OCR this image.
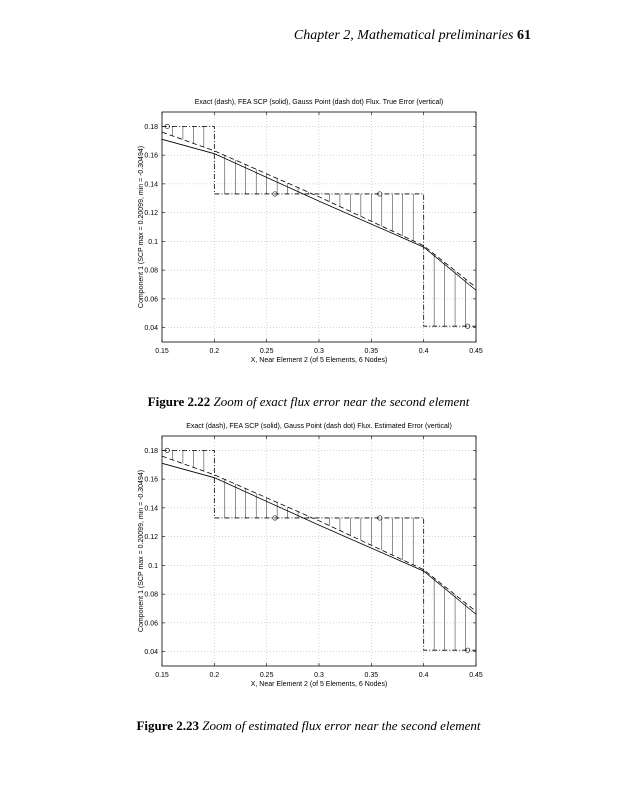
Chapter 2, Mathematical preliminaries 61
Exact (dash), FEA SCP (solid), Gauss Point (dash dot) Flux. True Error (vertical)
0.15	0.2	0.25	0.3	0.35	0.4	0.45
0.04
0.06
0.08
0.1
0.12
0.14
0.16
0.18
X, Near Element 2 (of 5 Elements, 6 Nodes)
Component 1 (SCP max = 0.20099, min = -0.30494)
Figure 2.22 Zoom of exact flux error near the second element
Exact (dash), FEA SCP (solid), Gauss Point (dash dot) Flux. Estimated Error (vertical)
0.15	0.2	0.25	0.3	0.35	0.4	0.45
0.04
0.06
0.08
0.1
0.12
0.14
0.16
0.18
X, Near Element 2 (of 5 Elements, 6 Nodes)
Component 1 (SCP max = 0.20099, min = -0.30494)
Figure 2.23 Zoom of estimated flux error near the second element
